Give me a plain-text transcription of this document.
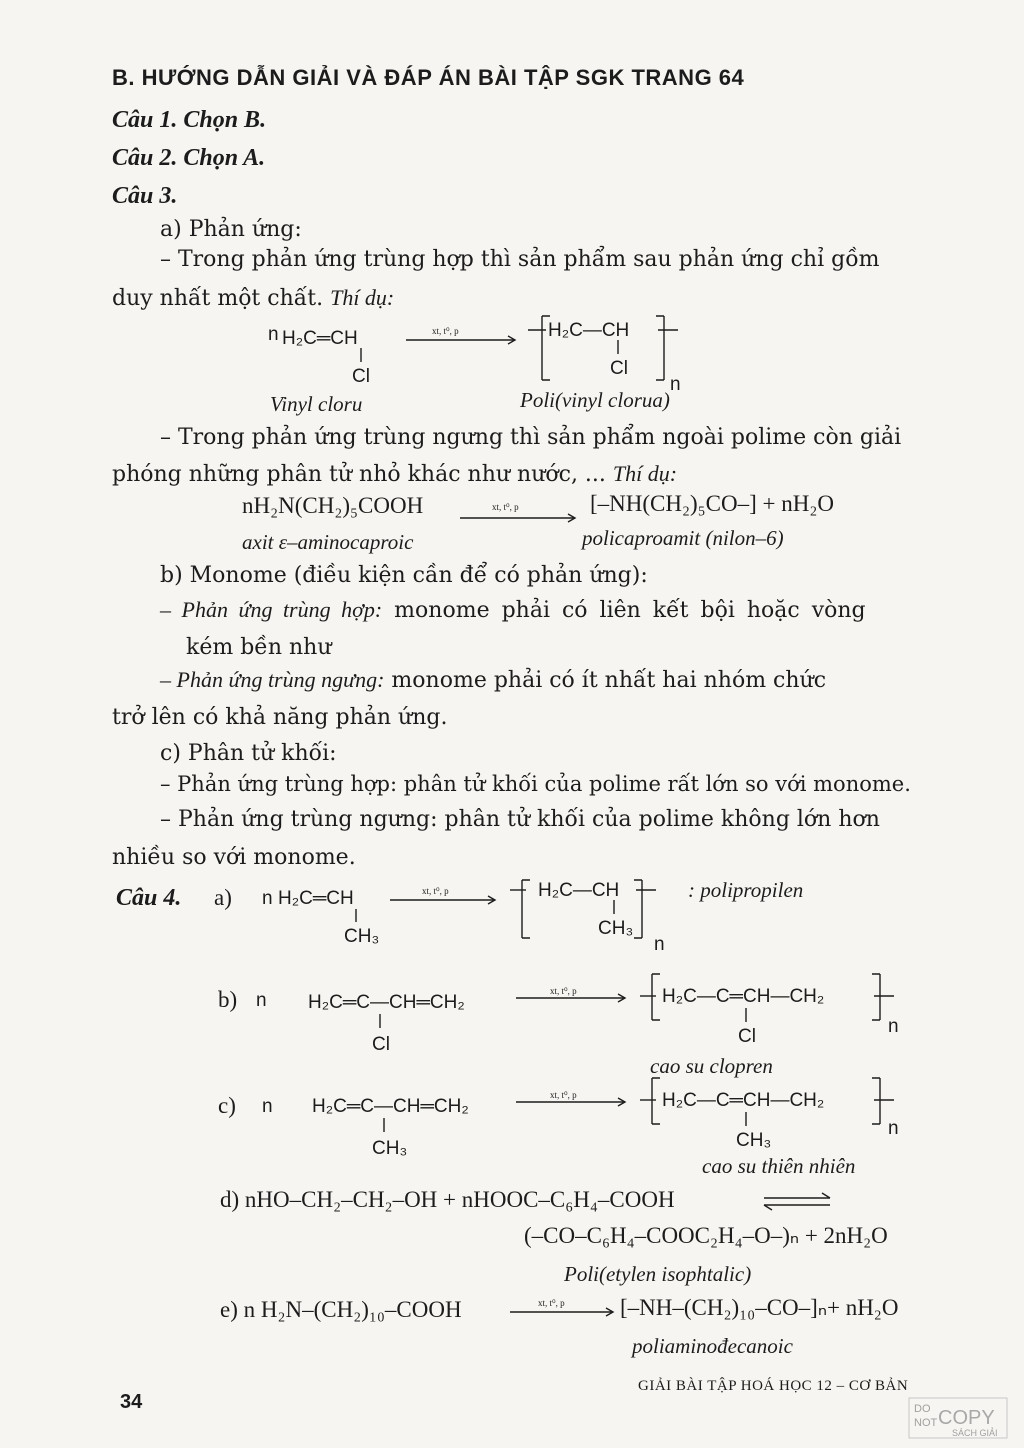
B. HƯỚNG DẪN GIẢI VÀ ĐÁP ÁN BÀI TẬP SGK TRANG 64
Câu 1. Chọn B.
Câu 2. Chọn A.
Câu 3.
a) Phản ứng:
– Trong phản ứng trùng hợp thì sản phẩm sau phản ứng chỉ gồm
duy nhất một chất. Thí dụ:
n H₂C═CH
Cl
xt, t⁰, p	H₂C—CH
Cl
n
Vinyl cloru	Poli(vinyl clorua)
– Trong phản ứng trùng ngưng thì sản phẩm ngoài polime còn giải
phóng những phân tử nhỏ khác như nước, ... Thí dụ:
nH₂N(CH₂)₅COOH	xt, t⁰, p	[–NH(CH₂)₅CO–] + nH₂O
axit ε–aminocaproic	policaproamit (nilon–6)
b) Monome (điều kiện cần để có phản ứng):
– Phản ứng trùng hợp: monome phải có liên kết bội hoặc vòng
kém bền như
– Phản ứng trùng ngưng: monome phải có ít nhất hai nhóm chức
trở lên có khả năng phản ứng.
c) Phân tử khối:
– Phản ứng trùng hợp: phân tử khối của polime rất lớn so với monome.
– Phản ứng trùng ngưng: phân tử khối của polime không lớn hơn
nhiều so với monome.
Câu 4. a) n H₂C═CH
CH₃
xt, t⁰, p	H₂C—CH
CH₃
n
: polipropilen
b) n H₂C═C—CH═CH₂
Cl
xt, t⁰, p	H₂C—C═CH—CH₂
Cl	n
cao su clopren
c) n H₂C═C—CH═CH₂
CH₃
xt, t⁰, p	H₂C—C═CH—CH₂
CH₃
n
cao su thiên nhiên
d) nHO–CH₂–CH₂–OH + nHOOC–C₆H₄–COOH
(–CO–C₆H₄–COOC₂H₄–O–)ₙ + 2nH₂O
Poli(etylen isophtalic)
e) n H₂N–(CH₂)₁₀–COOH	xt, t⁰, p [–NH–(CH₂)₁₀–CO–]ₙ+ nH₂O
poliaminođecanoic
34
GIẢI BÀI TẬP HOÁ HỌC 12 – CƠ BẢN
DO
NOT COPY
SÁCH GIẢI
